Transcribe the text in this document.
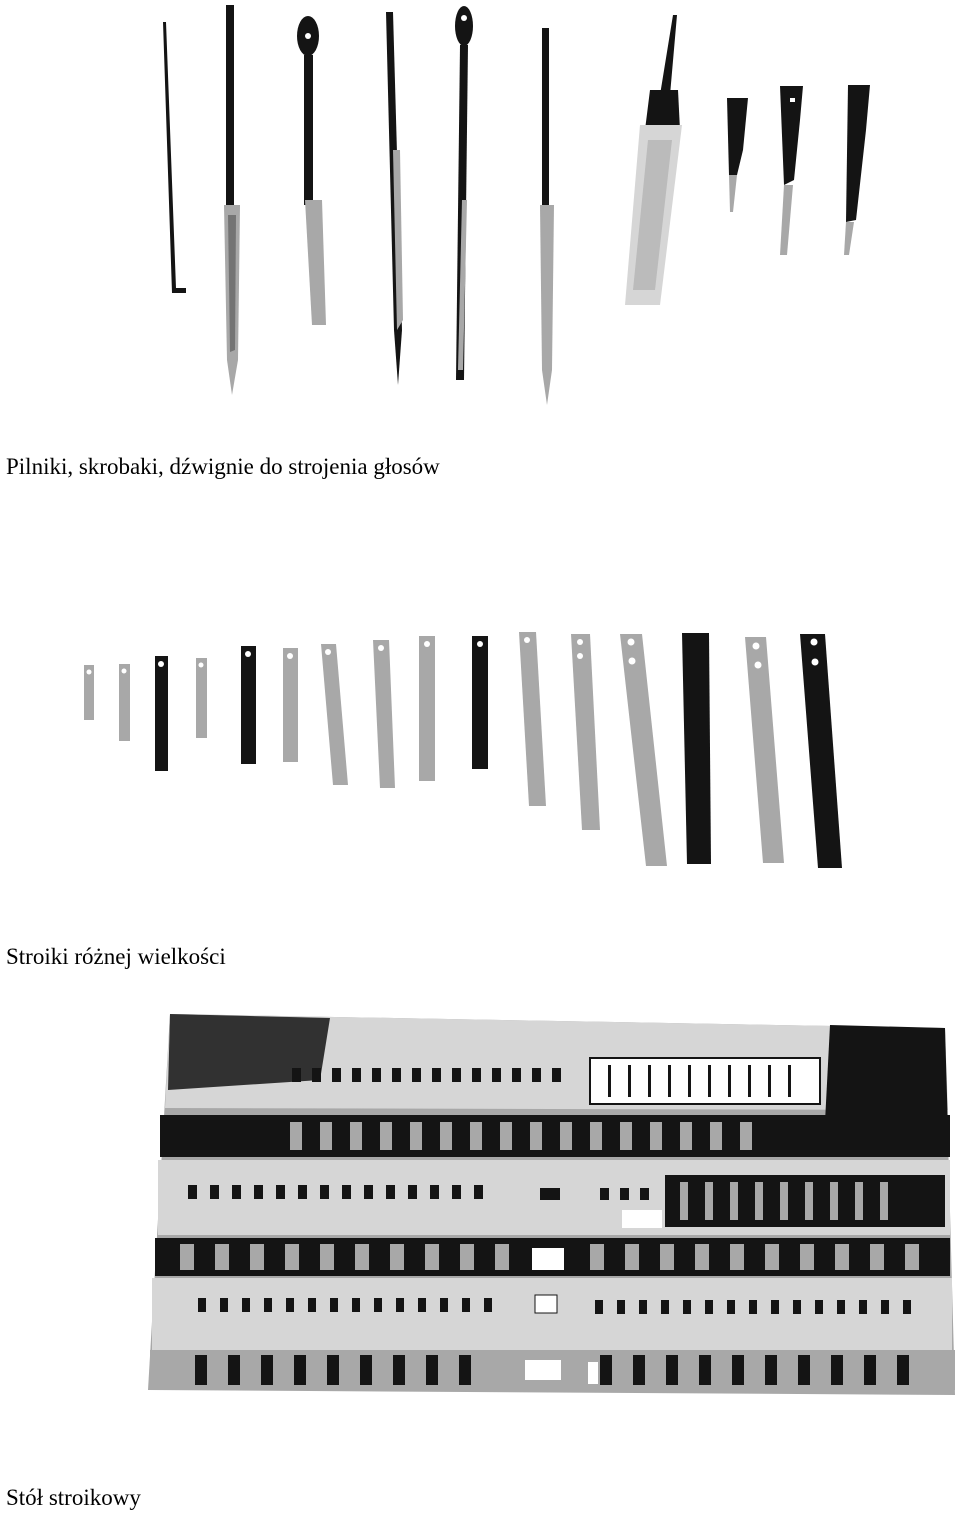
Pilniki, skrobaki, dźwignie do strojenia głosów

Stroiki różnej wielkości

Stół stroikowy
